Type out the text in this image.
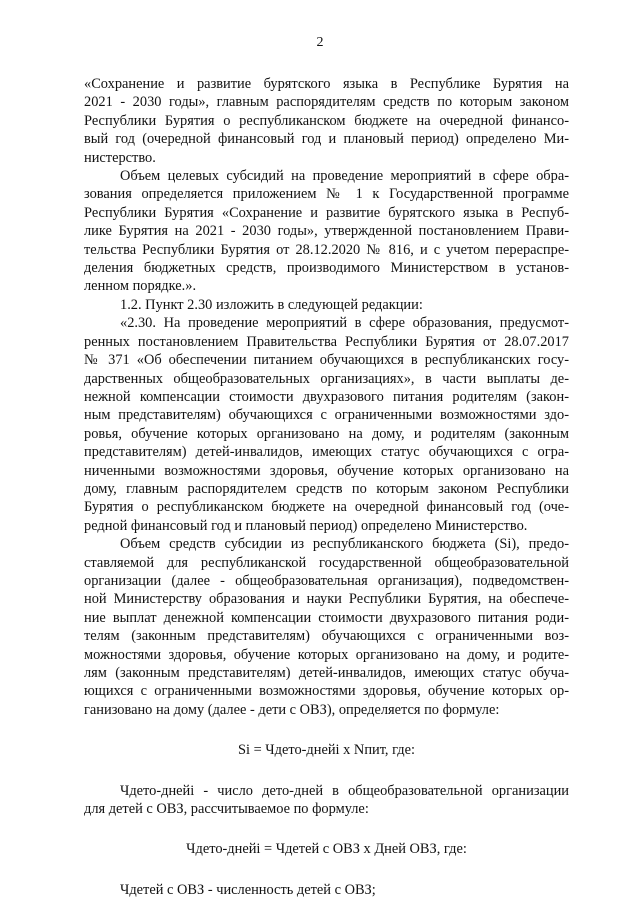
2
«Сохранение и развитие бурятского языка в Республике Бурятия на
2021 - 2030 годы», главным распорядителям средств по которым законом
Республики Бурятия о республиканском бюджете на очередной финансо-
вый год (очередной финансовый год и плановый период) определено Ми-
нистерство.
Объем целевых субсидий на проведение мероприятий в сфере обра-
зования определяется приложением № 1 к Государственной программе
Республики Бурятия «Сохранение и развитие бурятского языка в Респуб-
лике Бурятия на 2021 - 2030 годы», утвержденной постановлением Прави-
тельства Республики Бурятия от 28.12.2020 № 816, и с учетом перераспре-
деления бюджетных средств, производимого Министерством в установ-
ленном порядке.».
1.2. Пункт 2.30 изложить в следующей редакции:
«2.30. На проведение мероприятий в сфере образования, предусмот-
ренных постановлением Правительства Республики Бурятия от 28.07.2017
№ 371 «Об обеспечении питанием обучающихся в республиканских госу-
дарственных общеобразовательных организациях», в части выплаты де-
нежной компенсации стоимости двухразового питания родителям (закон-
ным представителям) обучающихся с ограниченными возможностями здо-
ровья, обучение которых организовано на дому, и родителям (законным
представителям) детей-инвалидов, имеющих статус обучающихся с огра-
ниченными возможностями здоровья, обучение которых организовано на
дому, главным распорядителем средств по которым законом Республики
Бурятия о республиканском бюджете на очередной финансовый год (оче-
редной финансовый год и плановый период) определено Министерство.
Объем средств субсидии из республиканского бюджета (Si), предо-
ставляемой для республиканской государственной общеобразовательной
организации (далее - общеобразовательная организация), подведомствен-
ной Министерству образования и науки Республики Бурятия, на обеспече-
ние выплат денежной компенсации стоимости двухразового питания роди-
телям (законным представителям) обучающихся с ограниченными воз-
можностями здоровья, обучение которых организовано на дому, и родите-
лям (законным представителям) детей-инвалидов, имеющих статус обуча-
ющихся с ограниченными возможностями здоровья, обучение которых ор-
ганизовано на дому (далее - дети с ОВЗ), определяется по формуле:
Si = Чдето-днейi x Nпит, где:
Чдето-днейi - число дето-дней в общеобразовательной организации
для детей с ОВЗ, рассчитываемое по формуле:
Чдето-днейi = Чдетей с ОВЗ x Дней ОВЗ, где:
Чдетей с ОВЗ - численность детей с ОВЗ;
